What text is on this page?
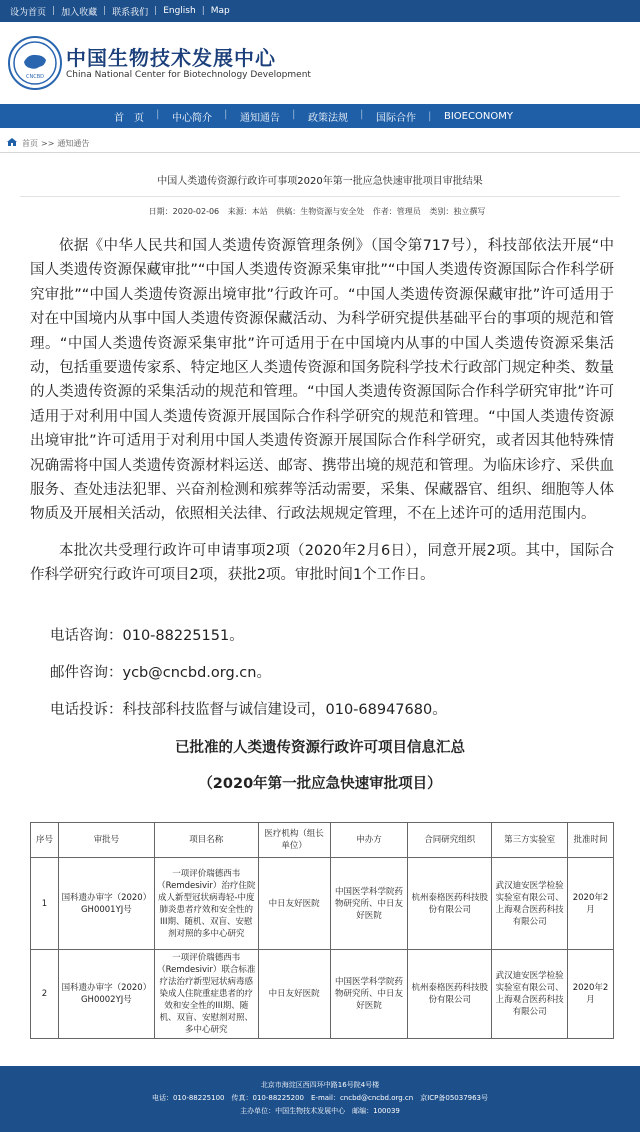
设为首页 | 加入收藏 | 联系我们 | English | Map
CNCBD
中国生物技术发展中心
China National Center for Biotechnology Development
首　页	| 中心简介	| 通知通告	| 政策法规	| 国际合作	| BIOECONOMY
首页 >> 通知通告
中国人类遗传资源行政许可事项2020年第一批应急快速审批项目审批结果
日期：2020-02-06 来源：本站 供稿：生物资源与安全处 作者：管理员 类别：独立撰写

依据《中华人民共和国人类遗传资源管理条例》（国令第717号），科技部依法开展“中国人类遗传资源保藏审批”“中国人类遗传资源采集审批”“中国人类遗传资源国际合作科学研究审批”“中国人类遗传资源出境审批”行政许可。“中国人类遗传资源保藏审批”许可适用于对在中国境内从事中国人类遗传资源保藏活动、为科学研究提供基础平台的事项的规范和管理。“中国人类遗传资源采集审批”许可适用于在中国境内从事的中国人类遗传资源采集活动，包括重要遗传家系、特定地区人类遗传资源和国务院科学技术行政部门规定种类、数量的人类遗传资源的采集活动的规范和管理。“中国人类遗传资源国际合作科学研究审批”许可适用于对利用中国人类遗传资源开展国际合作科学研究的规范和管理。“中国人类遗传资源出境审批”许可适用于对利用中国人类遗传资源开展国际合作科学研究，或者因其他特殊情况确需将中国人类遗传资源材料运送、邮寄、携带出境的规范和管理。为临床诊疗、采供血服务、查处违法犯罪、兴奋剂检测和殡葬等活动需要，采集、保藏器官、组织、细胞等人体物质及开展相关活动，依照相关法律、行政法规规定管理，不在上述许可的适用范围内。

本批次共受理行政许可申请事项2项（2020年2月6日），同意开展2项。其中，国际合作科学研究行政许可项目2项，获批2项。审批时间1个工作日。

电话咨询：010-88225151。
邮件咨询：ycb@cncbd.org.cn。
电话投诉：科技部科技监督与诚信建设司，010-68947680。
已批准的人类遗传资源行政许可项目信息汇总
（2020年第一批应急快速审批项目）
序号	审批号	项目名称	医疗机构（组长单位）	申办方	合同研究组织	第三方实验室	批准时间
1	国科遗办审字（2020）GH0001YJ号	一项评价瑞德西韦（Remdesivir）治疗住院成人新型冠状病毒轻-中度肺炎患者疗效和安全性的III期、随机、双盲、安慰剂对照的多中心研究	中日友好医院	中国医学科学院药物研究所、中日友好医院	杭州泰格医药科技股份有限公司	武汉迪安医学检验实验室有限公司、上海观合医药科技有限公司	2020年2月
2	国科遗办审字（2020）GH0002YJ号	一项评价瑞德西韦（Remdesivir）联合标准疗法治疗新型冠状病毒感染成人住院重症患者的疗效和安全性的III期、随机、双盲、安慰剂对照、多中心研究	中日友好医院	中国医学科学院药物研究所、中日友好医院	杭州泰格医药科技股份有限公司	武汉迪安医学检验实验室有限公司、上海观合医药科技有限公司	2020年2月
北京市海淀区西四环中路16号院4号楼
电话：010-88225100　传真：010-88225200　E-mail：cncbd@cncbd.org.cn　京ICP备05037963号
主办单位：中国生物技术发展中心　邮编：100039
